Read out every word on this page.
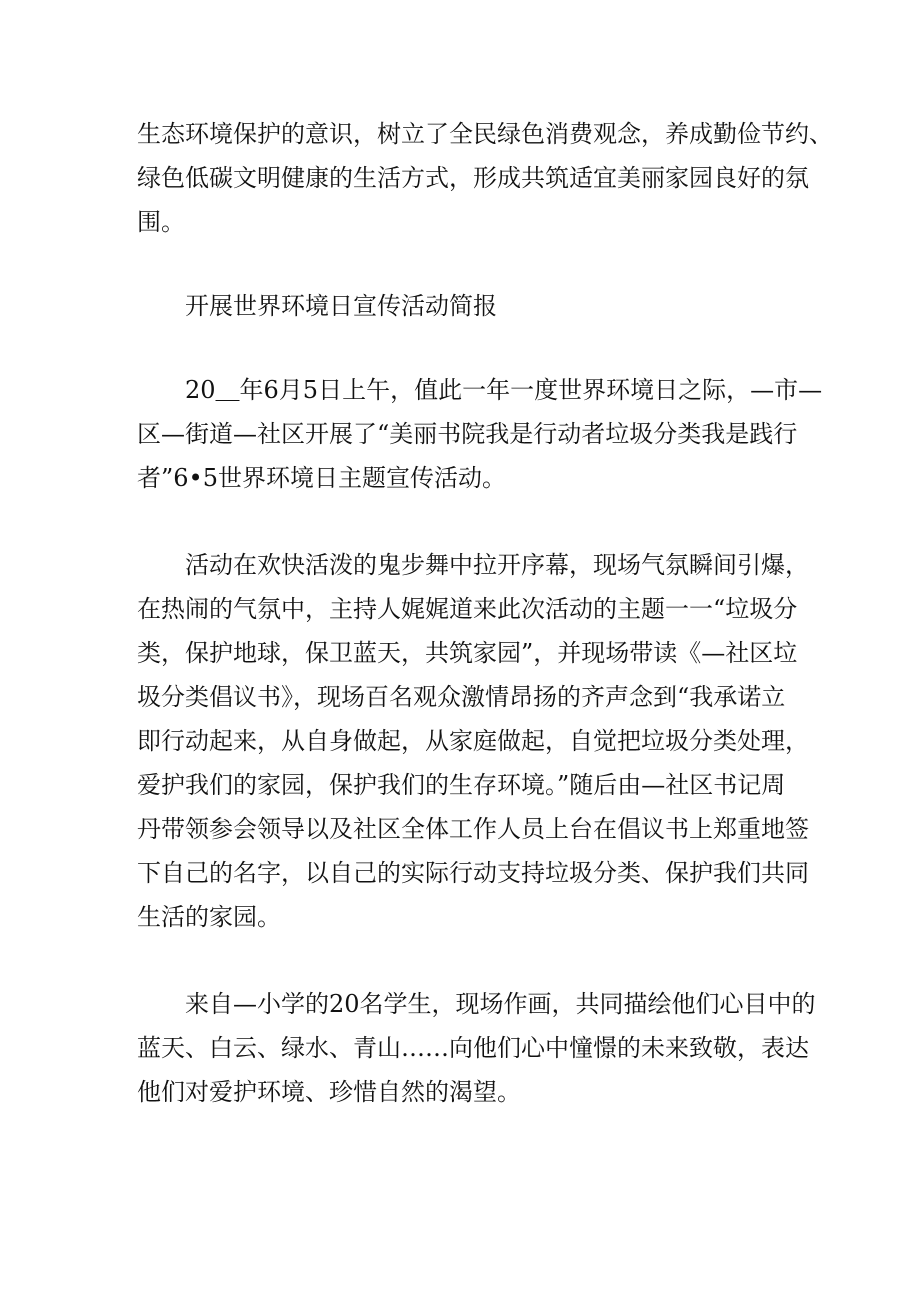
生态环境保护的意识，树立了全民绿色消费观念，养成勤俭节约、
绿色低碳文明健康的生活方式，形成共筑适宜美丽家园良好的氛
围。

开展世界环境日宣传活动简报

20＿年6月5日上午，值此一年一度世界环境日之际，—市—
区—街道—社区开展了“美丽书院我是行动者垃圾分类我是践行
者”6•5世界环境日主题宣传活动。

活动在欢快活泼的鬼步舞中拉开序幕，现场气氛瞬间引爆，
在热闹的气氛中，主持人娓娓道来此次活动的主题一一“垃圾分
类，保护地球，保卫蓝天，共筑家园”，并现场带读《—社区垃
圾分类倡议书》，现场百名观众激情昂扬的齐声念到“我承诺立
即行动起来，从自身做起，从家庭做起，自觉把垃圾分类处理，
爱护我们的家园，保护我们的生存环境。”随后由—社区书记周
丹带领参会领导以及社区全体工作人员上台在倡议书上郑重地签
下自己的名字，以自己的实际行动支持垃圾分类、保护我们共同
生活的家园。

来自—小学的20名学生，现场作画，共同描绘他们心目中的
蓝天、白云、绿水、青山……向他们心中憧憬的未来致敬，表达
他们对爱护环境、珍惜自然的渴望。
